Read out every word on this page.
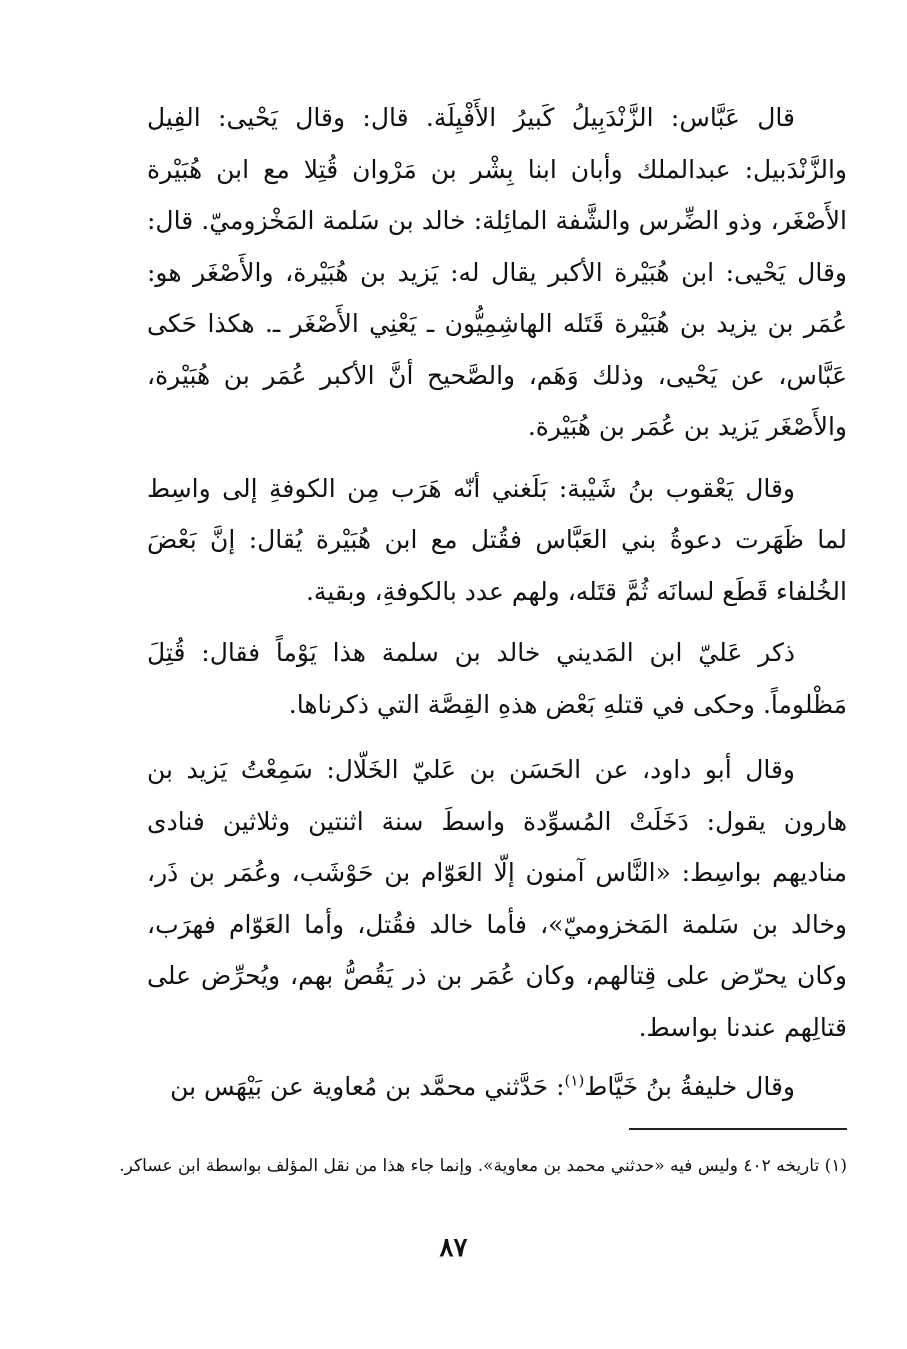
قال عَبَّاس: الزَّنْدَبِيلُ كَبيرُ الأَفْيِلَة. قال: وقال يَحْيى: الفِيل والزَّنْدَبيل: عبدالملك وأبان ابنا بِشْر بن مَرْوان قُتِلا مع ابن هُبَيْرة الأَصْغَر، وذو الضِّرس والشَّفة المائِلة: خالد بن سَلمة المَخْزوميّ. قال: وقال يَحْيى: ابن هُبَيْرة الأكبر يقال له: يَزيد بن هُبَيْرة، والأَصْغَر هو: عُمَر بن يزيد بن هُبَيْرة قَتَله الهاشِمِيُّون ـ يَعْنِي الأَصْغَر ـ. هكذا حَكى عَبَّاس، عن يَحْيى، وذلك وَهَم، والصَّحيح أنَّ الأكبر عُمَر بن هُبَيْرة، والأَصْغَر يَزيد بن عُمَر بن هُبَيْرة.

وقال يَعْقوب بنُ شَيْبة: بَلَغني أنّه هَرَب مِن الكوفةِ إلى واسِط لما ظَهَرت دعوةُ بني العَبَّاس فقُتل مع ابن هُبَيْرة يُقال: إنَّ بَعْضَ الخُلفاء قَطَع لسانَه ثُمَّ قتَله، ولهم عدد بالكوفةِ، وبقية.

ذكر عَليّ ابن المَديني خالد بن سلمة هذا يَوْماً فقال: قُتِلَ مَظْلوماً. وحكى في قتلهِ بَعْض هذهِ القِصَّة التي ذكرناها.

وقال أبو داود، عن الحَسَن بن عَليّ الخَلّال: سَمِعْتُ يَزيد بن هارون يقول: دَخَلَتْ المُسوِّدة واسطَ سنة اثنتين وثلاثين فنادى مناديهم بواسِط: «النَّاس آمنون إلّا العَوّام بن حَوْشَب، وعُمَر بن ذَر، وخالد بن سَلمة المَخزوميّ»، فأما خالد فقُتل، وأما العَوّام فهرَب، وكان يحرّض على قِتالهم، وكان عُمَر بن ذر يَقُصُّ بهم، ويُحرِّض على قتالِهم عندنا بواسط.

وقال خليفةُ بنُ خَيَّاط$^{(١)}$: حَدَّثني محمَّد بن مُعاوية عن بَيْهَس بن

(١) تاريخه ٤٠٢ وليس فيه «حدثني محمد بن معاوية». وإنما جاء هذا من نقل المؤلف بواسطة ابن عساكر.
٨٧
